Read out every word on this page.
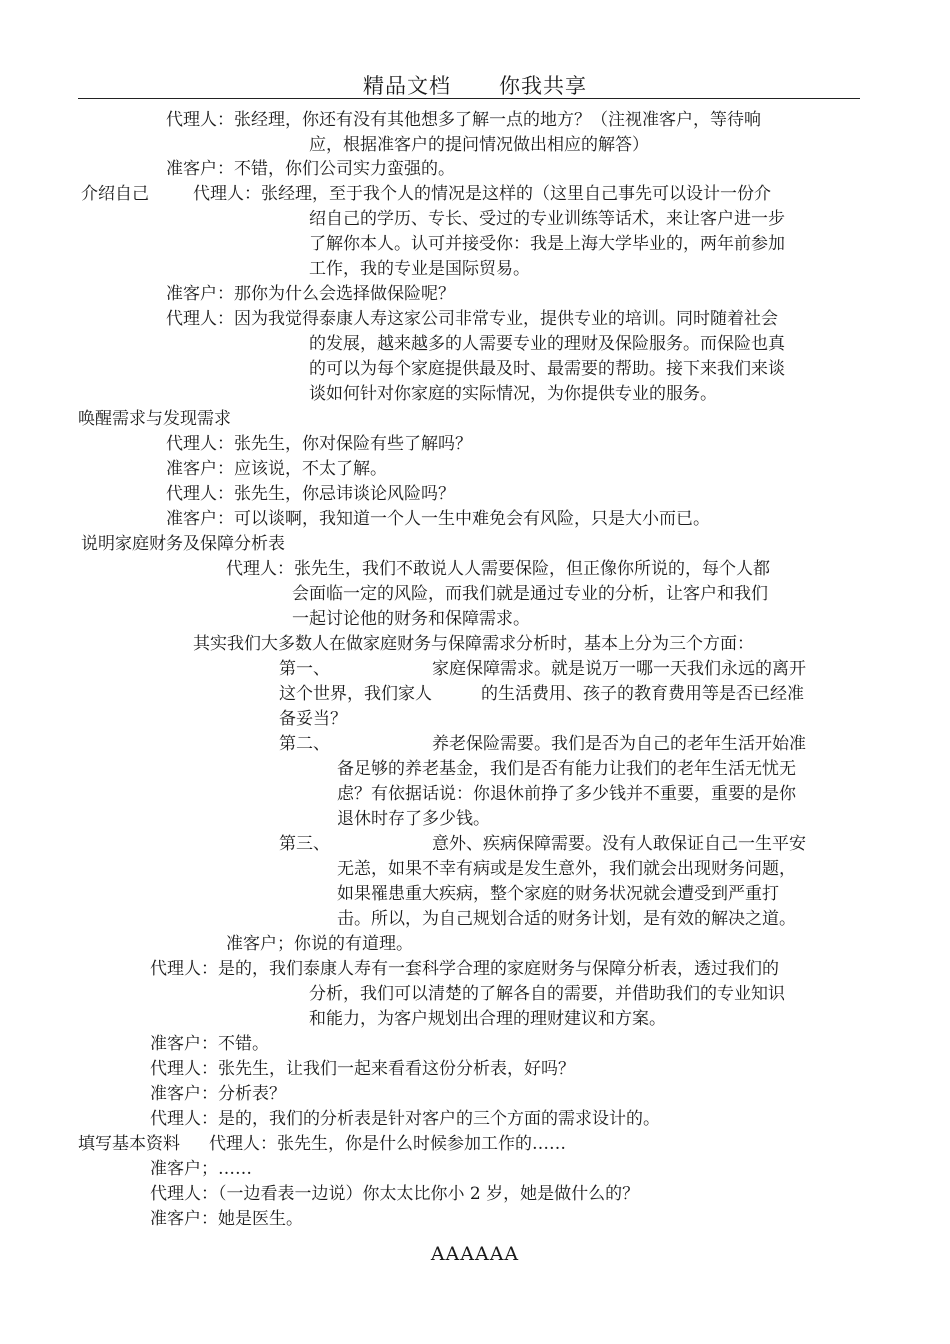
精品文档 你我共享
代理人：张经理，你还有没有其他想多了解一点的地方？（注视准客户，等待响
应，根据准客户的提问情况做出相应的解答）
准客户：不错，你们公司实力蛮强的。
介绍自己	代理人：张经理，至于我个人的情况是这样的（这里自己事先可以设计一份介
绍自己的学历、专长、受过的专业训练等话术，来让客户进一步
了解你本人。认可并接受你：我是上海大学毕业的，两年前参加
工作，我的专业是国际贸易。
准客户：那你为什么会选择做保险呢？
代理人：因为我觉得泰康人寿这家公司非常专业，提供专业的培训。同时随着社会
的发展，越来越多的人需要专业的理财及保险服务。而保险也真
的可以为每个家庭提供最及时、最需要的帮助。接下来我们来谈
谈如何针对你家庭的实际情况，为你提供专业的服务。
唤醒需求与发现需求
代理人：张先生，你对保险有些了解吗？
准客户：应该说，不太了解。
代理人：张先生，你忌讳谈论风险吗？
准客户：可以谈啊，我知道一个人一生中难免会有风险，只是大小而已。
说明家庭财务及保障分析表
代理人：张先生，我们不敢说人人需要保险，但正像你所说的，每个人都
会面临一定的风险，而我们就是通过专业的分析，让客户和我们
一起讨论他的财务和保障需求。
其实我们大多数人在做家庭财务与保障需求分析时，基本上分为三个方面：
第一、	家庭保障需求。就是说万一哪一天我们永远的离开
这个世界，我们家人	的生活费用、孩子的教育费用等是否已经准
备妥当？
第二、	养老保险需要。我们是否为自己的老年生活开始准
备足够的养老基金，我们是否有能力让我们的老年生活无忧无
虑？有依据话说：你退休前挣了多少钱并不重要，重要的是你
退休时存了多少钱。
第三、	意外、疾病保障需要。没有人敢保证自己一生平安
无恙，如果不幸有病或是发生意外，我们就会出现财务问题，
如果罹患重大疾病，整个家庭的财务状况就会遭受到严重打
击。所以，为自己规划合适的财务计划，是有效的解决之道。
准客户；你说的有道理。
代理人：是的，我们泰康人寿有一套科学合理的家庭财务与保障分析表，透过我们的
分析，我们可以清楚的了解各自的需要，并借助我们的专业知识
和能力，为客户规划出合理的理财建议和方案。
准客户：不错。
代理人：张先生，让我们一起来看看这份分析表，好吗？
准客户：分析表？
代理人：是的，我们的分析表是针对客户的三个方面的需求设计的。
填写基本资料 代理人：张先生，你是什么时候参加工作的……
准客户；……
代理人：（一边看表一边说）你太太比你小 2 岁，她是做什么的？
准客户：她是医生。
AAAAAA
